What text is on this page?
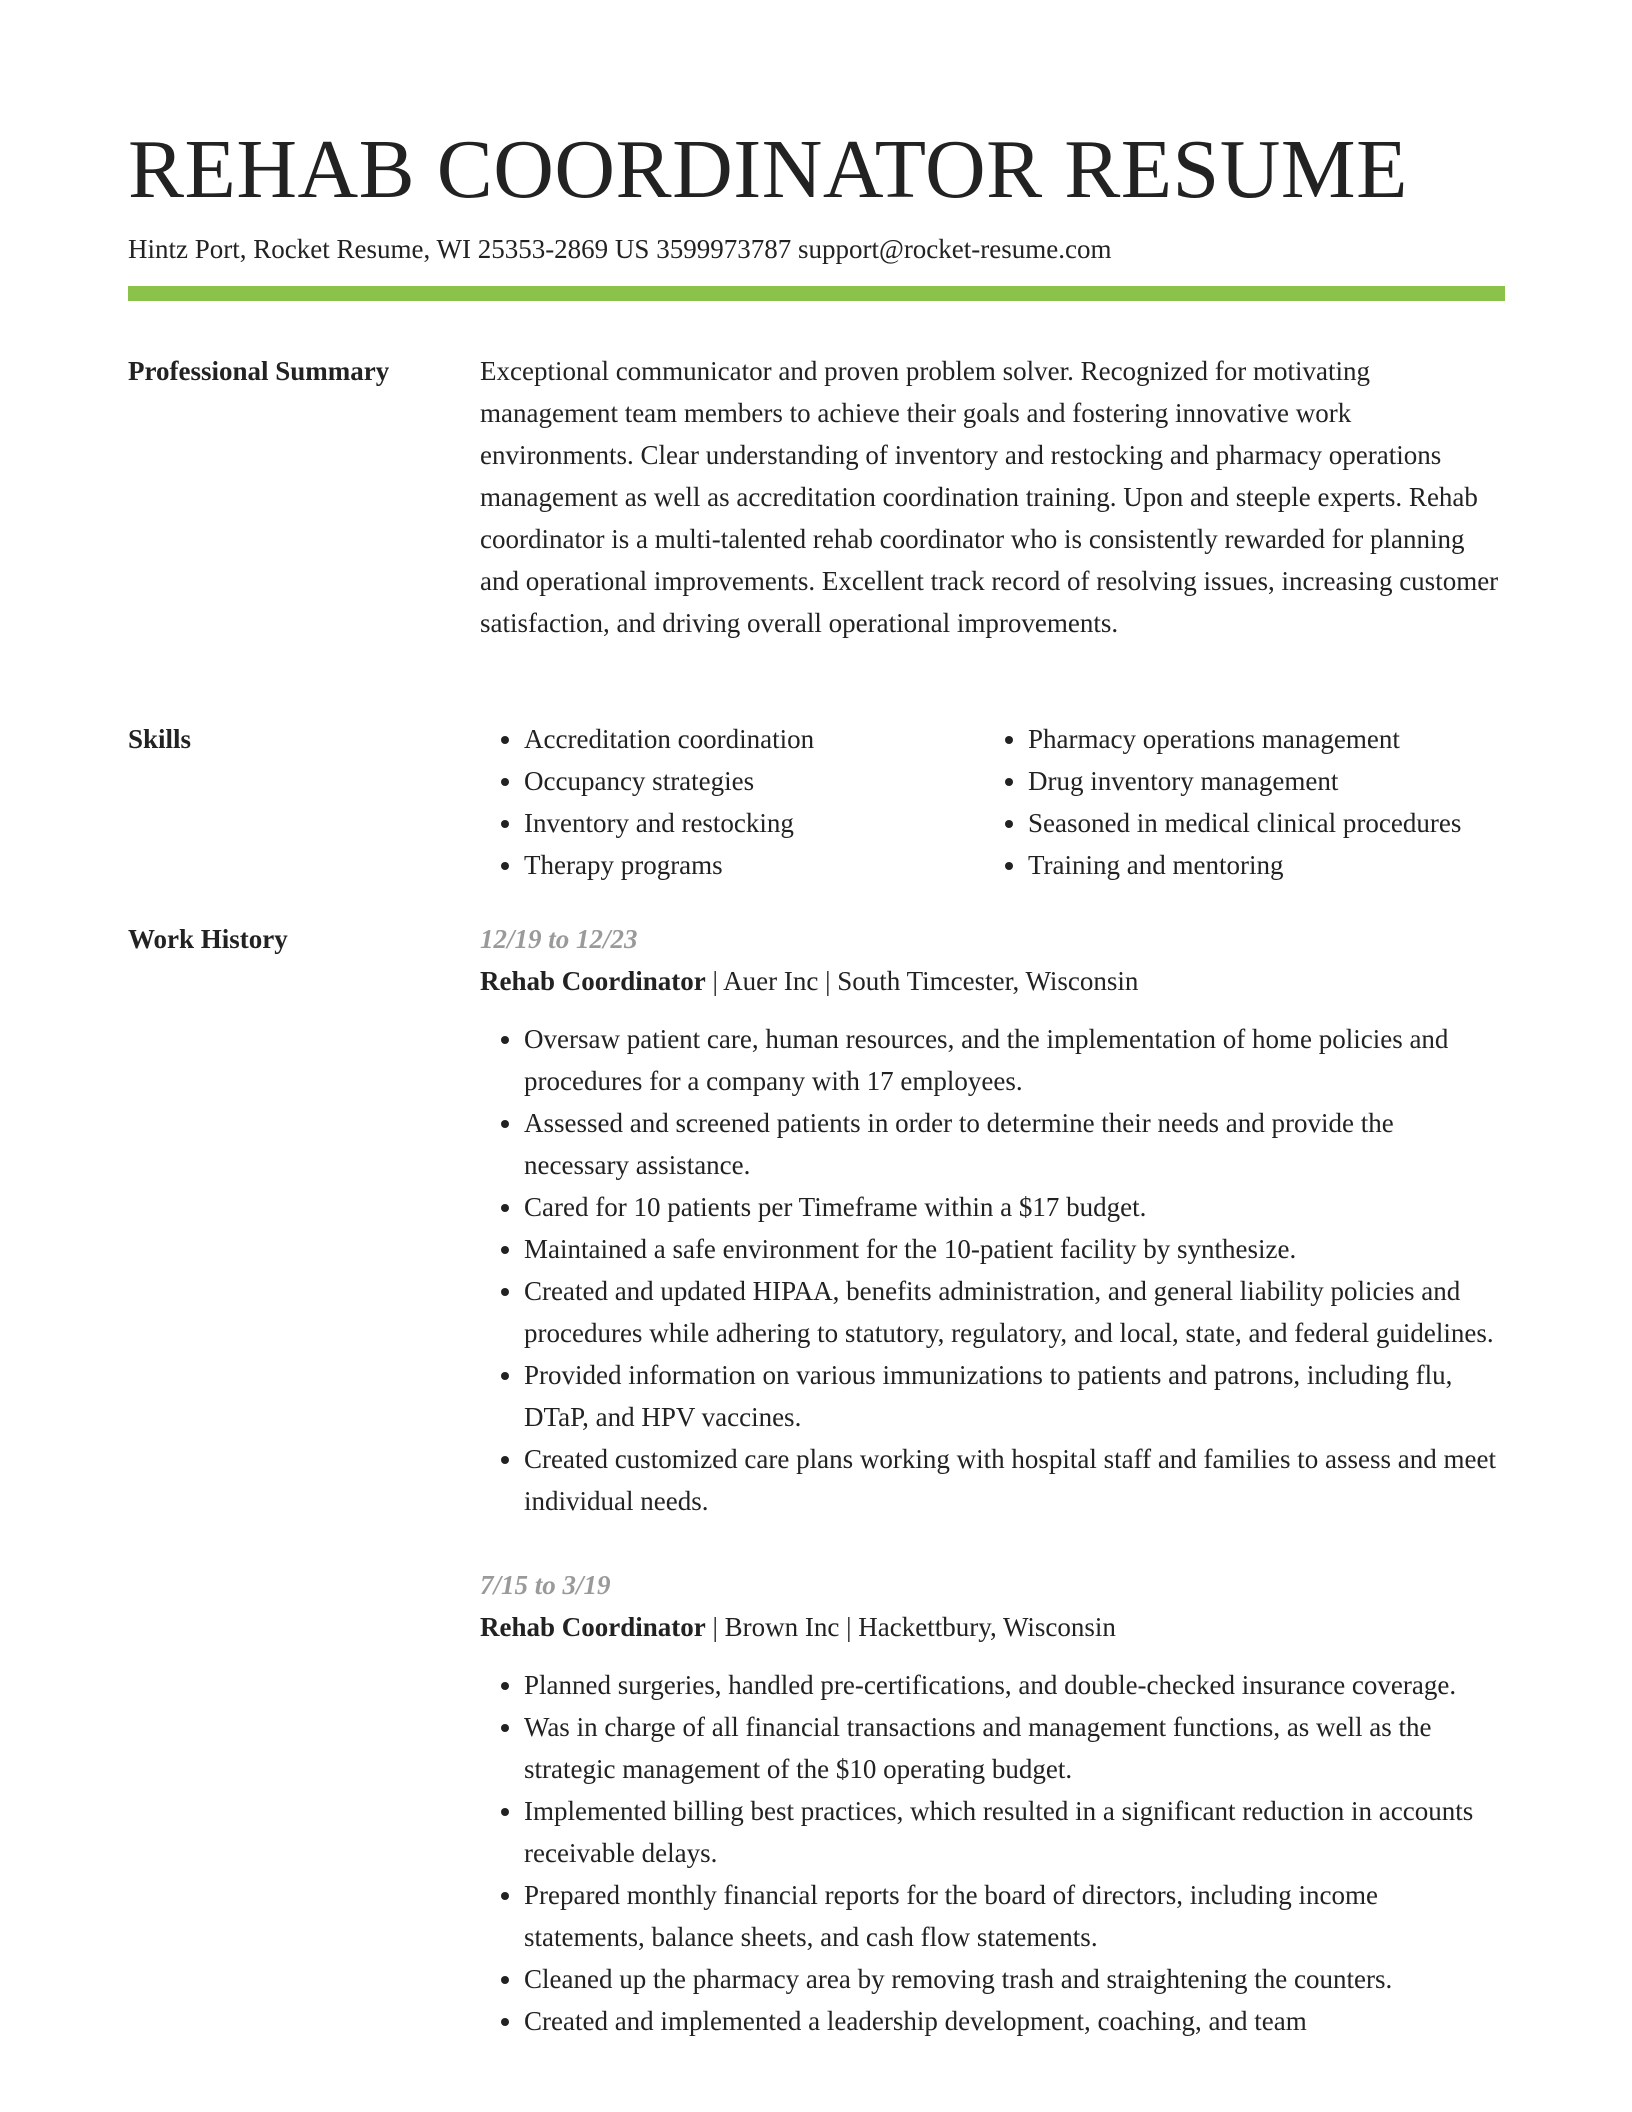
REHAB COORDINATOR RESUME
Hintz Port, Rocket Resume, WI 25353-2869 US 3599973787 support@rocket-resume.com
Professional Summary	Exceptional communicator and proven problem solver. Recognized for motivating management team members to achieve their goals and fostering innovative work environments. Clear understanding of inventory and restocking and pharmacy operations management as well as accreditation coordination training. Upon and steeple experts. Rehab coordinator is a multi-talented rehab coordinator who is consistently rewarded for planning and operational improvements. Excellent track record of resolving issues, increasing customer satisfaction, and driving overall operational improvements.

Skills
•	Accreditation coordination
• Occupancy strategies
• Inventory and restocking
• Therapy programs
• Pharmacy operations management
• Drug inventory management
• Seasoned in medical clinical procedures
• Training and mentoring
Work History	12/19 to 12/23
Rehab Coordinator | Auer Inc | South Timcester, Wisconsin
• Oversaw patient care, human resources, and the implementation of home policies and procedures for a company with 17 employees.
• Assessed and screened patients in order to determine their needs and provide the necessary assistance.
• Cared for 10 patients per Timeframe within a $17 budget.
• Maintained a safe environment for the 10-patient facility by synthesize.
• Created and updated HIPAA, benefits administration, and general liability policies and procedures while adhering to statutory, regulatory, and local, state, and federal guidelines.
• Provided information on various immunizations to patients and patrons, including flu, DTaP, and HPV vaccines.
• Created customized care plans working with hospital staff and families to assess and meet individual needs.
7/15 to 3/19
Rehab Coordinator | Brown Inc | Hackettbury, Wisconsin
• Planned surgeries, handled pre-certifications, and double-checked insurance coverage.
• Was in charge of all financial transactions and management functions, as well as the strategic management of the $10 operating budget.
• Implemented billing best practices, which resulted in a significant reduction in accounts receivable delays.
• Prepared monthly financial reports for the board of directors, including income statements, balance sheets, and cash flow statements.
• Cleaned up the pharmacy area by removing trash and straightening the counters.
• Created and implemented a leadership development, coaching, and team
